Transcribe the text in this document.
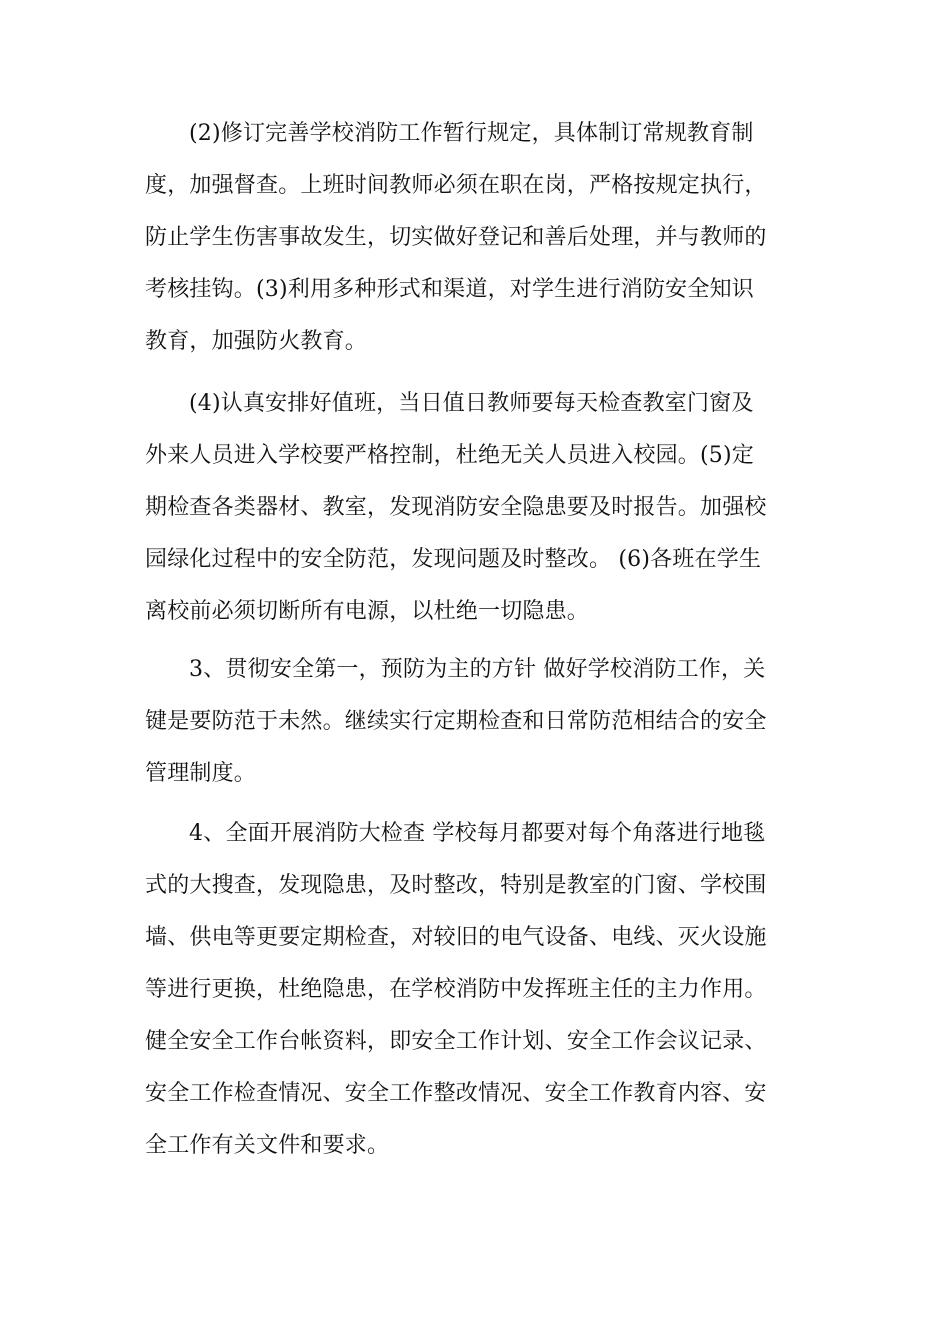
(2)修订完善学校消防工作暂行规定，具体制订常规教育制
度，加强督查。上班时间教师必须在职在岗，严格按规定执行，
防止学生伤害事故发生，切实做好登记和善后处理，并与教师的
考核挂钩。(3)利用多种形式和渠道，对学生进行消防安全知识
教育，加强防火教育。
(4)认真安排好值班，当日值日教师要每天检查教室门窗及
外来人员进入学校要严格控制，杜绝无关人员进入校园。(5)定
期检查各类器材、教室，发现消防安全隐患要及时报告。加强校
园绿化过程中的安全防范，发现问题及时整改。 (6)各班在学生
离校前必须切断所有电源，以杜绝一切隐患。
3、贯彻安全第一，预防为主的方针 做好学校消防工作，关
键是要防范于未然。继续实行定期检查和日常防范相结合的安全
管理制度。
4、全面开展消防大检查 学校每月都要对每个角落进行地毯
式的大搜查，发现隐患，及时整改，特别是教室的门窗、学校围
墙、供电等更要定期检查，对较旧的电气设备、电线、灭火设施
等进行更换，杜绝隐患，在学校消防中发挥班主任的主力作用。
健全安全工作台帐资料，即安全工作计划、安全工作会议记录、
安全工作检查情况、安全工作整改情况、安全工作教育内容、安
全工作有关文件和要求。
